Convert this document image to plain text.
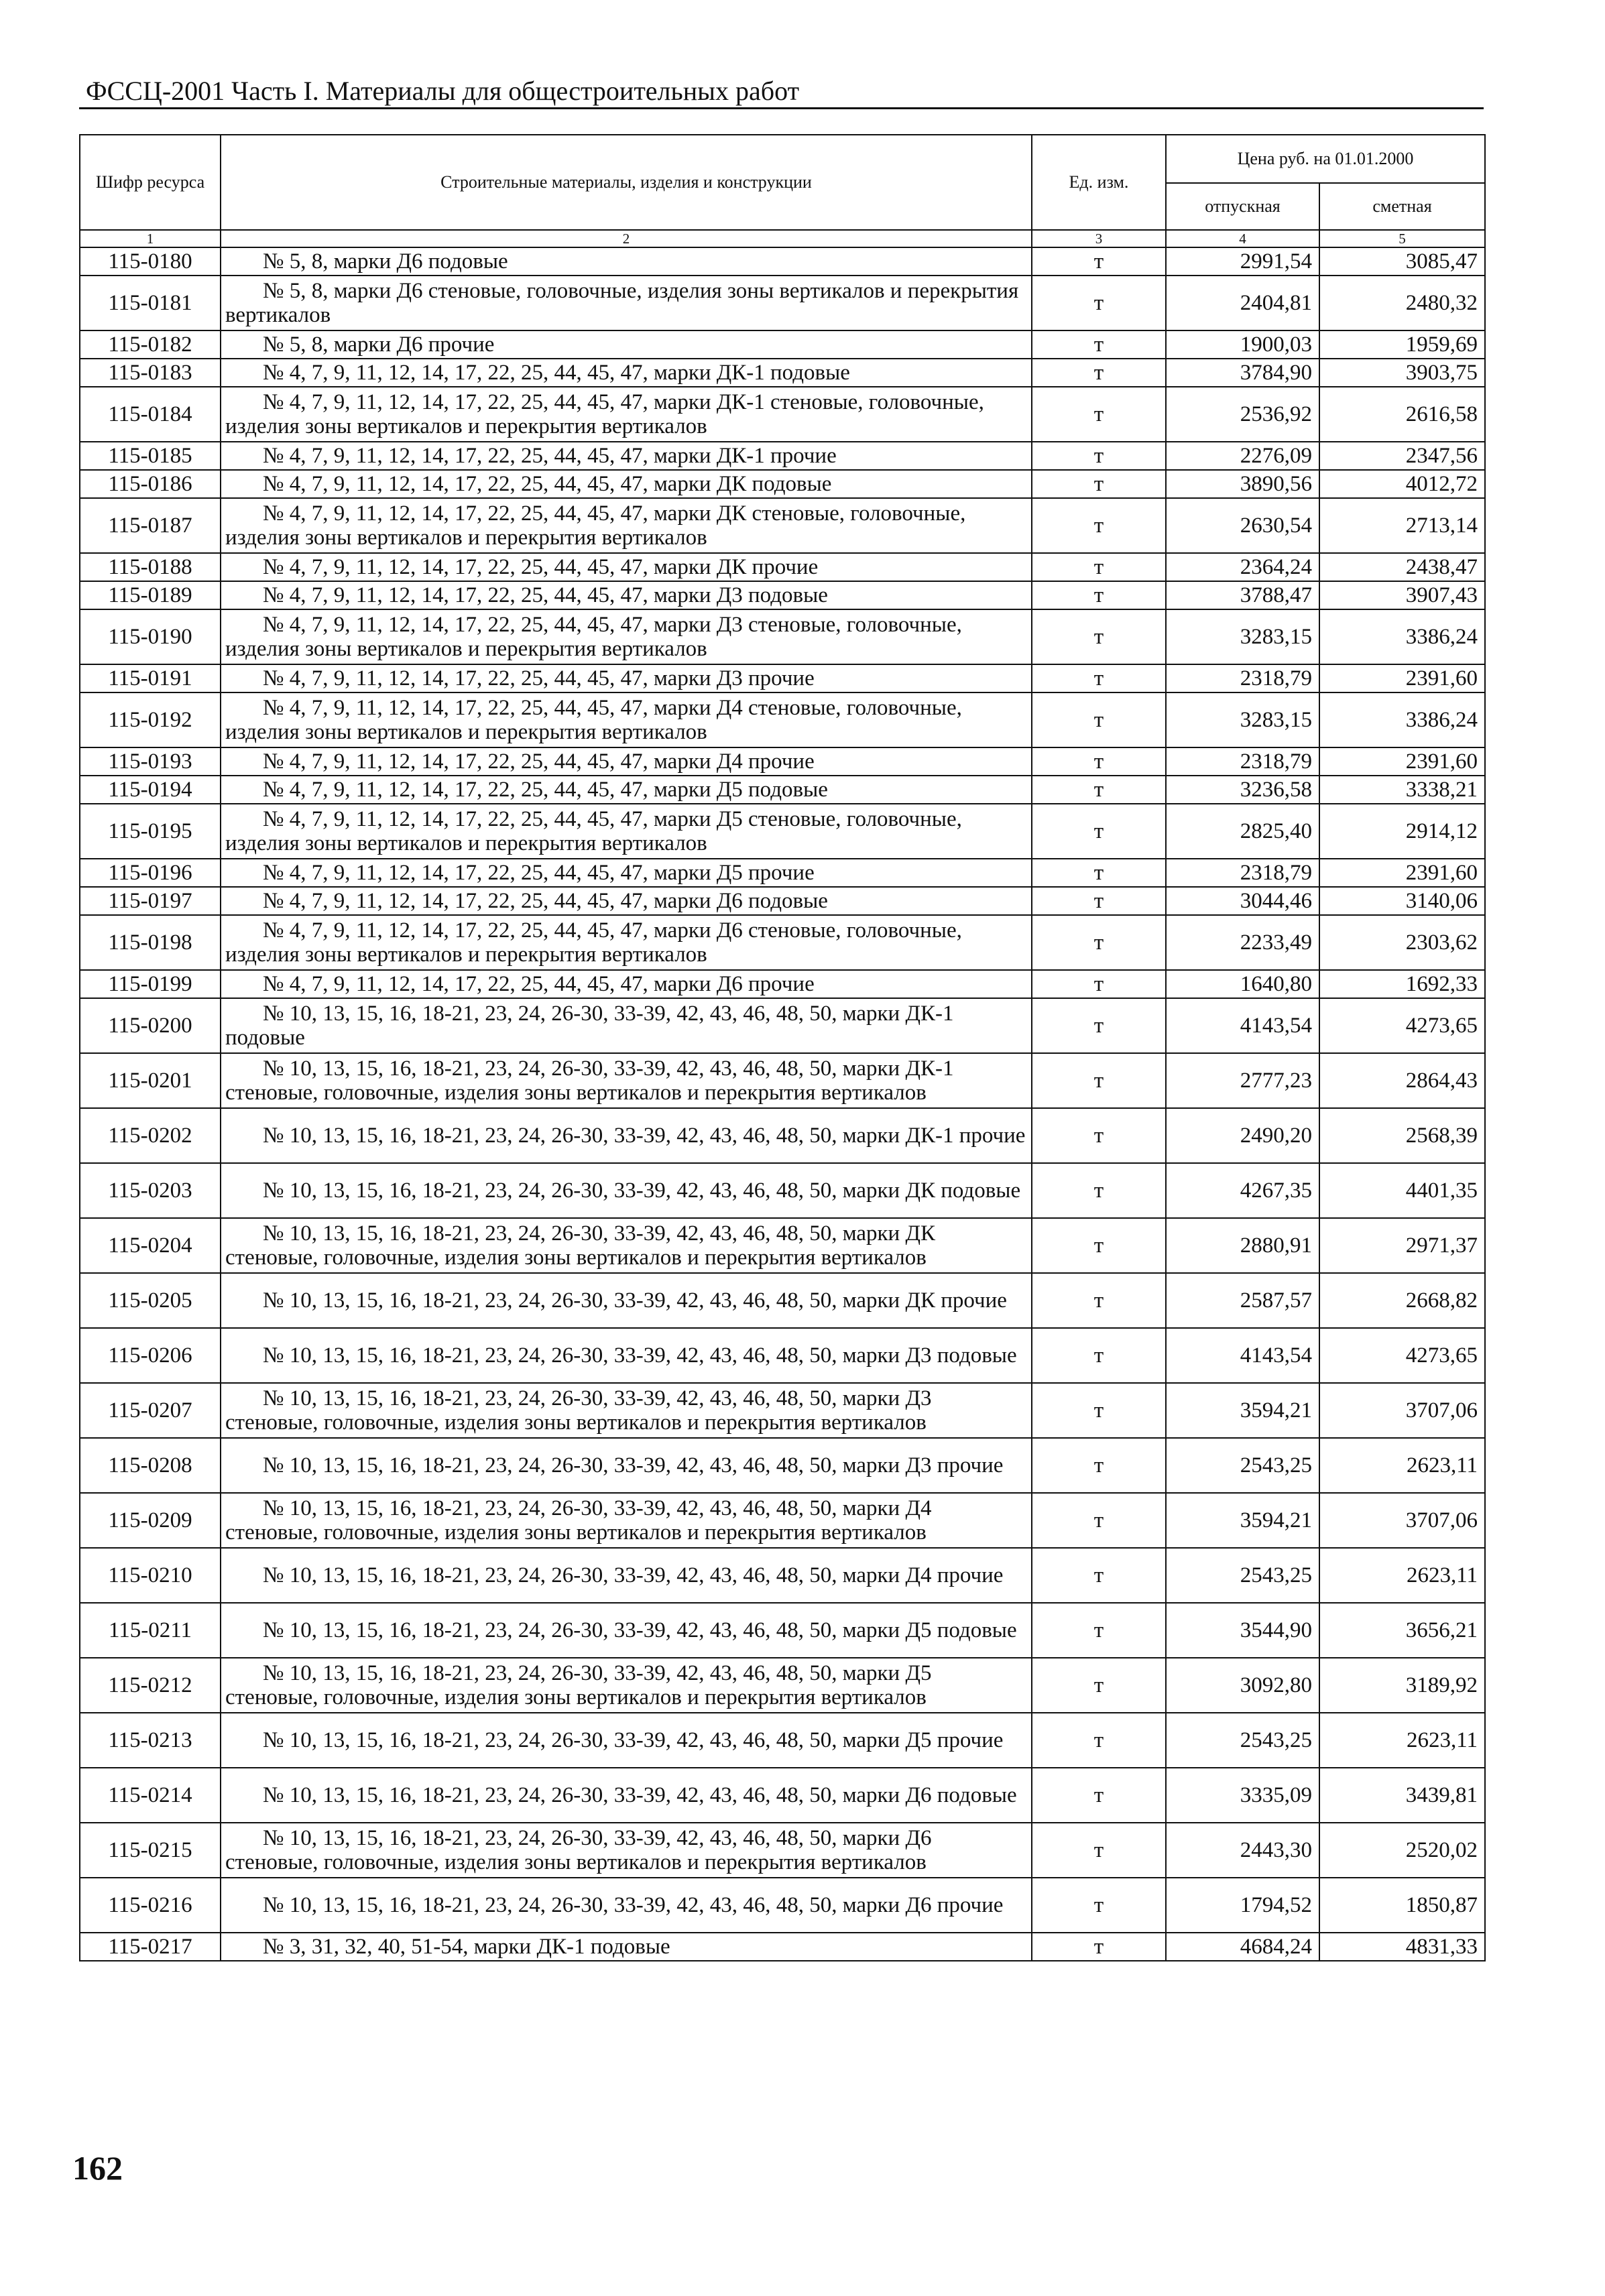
ФССЦ-2001 Часть I. Материалы для общестроительных работ
Шифр ресурса	Строительные материалы, изделия и конструкции	Ед. изм.	Цена руб. на 01.01.2000	
			отпускная	сметная
1	2	3	4	5
115-0180	№ 5, 8, марки Д6 подовые	т	2991,54	3085,47
115-0181	№ 5, 8, марки Д6 стеновые, головочные, изделия зоны вертикалов и перекрытия вертикалов	т	2404,81	2480,32
115-0182	№ 5, 8, марки Д6 прочие	т	1900,03	1959,69
115-0183	№ 4, 7, 9, 11, 12, 14, 17, 22, 25, 44, 45, 47, марки ДК-1 подовые	т	3784,90	3903,75
115-0184	№ 4, 7, 9, 11, 12, 14, 17, 22, 25, 44, 45, 47, марки ДК-1 стеновые, головочные, изделия зоны вертикалов и перекрытия вертикалов	т	2536,92	2616,58
115-0185	№ 4, 7, 9, 11, 12, 14, 17, 22, 25, 44, 45, 47, марки ДК-1 прочие	т	2276,09	2347,56
115-0186	№ 4, 7, 9, 11, 12, 14, 17, 22, 25, 44, 45, 47, марки ДК подовые	т	3890,56	4012,72
115-0187	№ 4, 7, 9, 11, 12, 14, 17, 22, 25, 44, 45, 47, марки ДК стеновые, головочные, изделия зоны вертикалов и перекрытия вертикалов	т	2630,54	2713,14
115-0188	№ 4, 7, 9, 11, 12, 14, 17, 22, 25, 44, 45, 47, марки ДК прочие	т	2364,24	2438,47
115-0189	№ 4, 7, 9, 11, 12, 14, 17, 22, 25, 44, 45, 47, марки Д3 подовые	т	3788,47	3907,43
115-0190	№ 4, 7, 9, 11, 12, 14, 17, 22, 25, 44, 45, 47, марки Д3 стеновые, головочные, изделия зоны вертикалов и перекрытия вертикалов	т	3283,15	3386,24
115-0191	№ 4, 7, 9, 11, 12, 14, 17, 22, 25, 44, 45, 47, марки Д3 прочие	т	2318,79	2391,60
115-0192	№ 4, 7, 9, 11, 12, 14, 17, 22, 25, 44, 45, 47, марки Д4 стеновые, головочные, изделия зоны вертикалов и перекрытия вертикалов	т	3283,15	3386,24
115-0193	№ 4, 7, 9, 11, 12, 14, 17, 22, 25, 44, 45, 47, марки Д4 прочие	т	2318,79	2391,60
115-0194	№ 4, 7, 9, 11, 12, 14, 17, 22, 25, 44, 45, 47, марки Д5 подовые	т	3236,58	3338,21
115-0195	№ 4, 7, 9, 11, 12, 14, 17, 22, 25, 44, 45, 47, марки Д5 стеновые, головочные, изделия зоны вертикалов и перекрытия вертикалов	т	2825,40	2914,12
115-0196	№ 4, 7, 9, 11, 12, 14, 17, 22, 25, 44, 45, 47, марки Д5 прочие	т	2318,79	2391,60
115-0197	№ 4, 7, 9, 11, 12, 14, 17, 22, 25, 44, 45, 47, марки Д6 подовые	т	3044,46	3140,06
115-0198	№ 4, 7, 9, 11, 12, 14, 17, 22, 25, 44, 45, 47, марки Д6 стеновые, головочные, изделия зоны вертикалов и перекрытия вертикалов	т	2233,49	2303,62
115-0199	№ 4, 7, 9, 11, 12, 14, 17, 22, 25, 44, 45, 47, марки Д6 прочие	т	1640,80	1692,33
115-0200	№ 10, 13, 15, 16, 18-21, 23, 24, 26-30, 33-39, 42, 43, 46, 48, 50, марки ДК-1 подовые	т	4143,54	4273,65
115-0201	№ 10, 13, 15, 16, 18-21, 23, 24, 26-30, 33-39, 42, 43, 46, 48, 50, марки ДК-1 стеновые, головочные, изделия зоны вертикалов и перекрытия вертикалов	т	2777,23	2864,43
115-0202	№ 10, 13, 15, 16, 18-21, 23, 24, 26-30, 33-39, 42, 43, 46, 48, 50, марки ДК-1 прочие	т	2490,20	2568,39
115-0203	№ 10, 13, 15, 16, 18-21, 23, 24, 26-30, 33-39, 42, 43, 46, 48, 50, марки ДК подовые	т	4267,35	4401,35
115-0204	№ 10, 13, 15, 16, 18-21, 23, 24, 26-30, 33-39, 42, 43, 46, 48, 50, марки ДК стеновые, головочные, изделия зоны вертикалов и перекрытия вертикалов	т	2880,91	2971,37
115-0205	№ 10, 13, 15, 16, 18-21, 23, 24, 26-30, 33-39, 42, 43, 46, 48, 50, марки ДК прочие	т	2587,57	2668,82
115-0206	№ 10, 13, 15, 16, 18-21, 23, 24, 26-30, 33-39, 42, 43, 46, 48, 50, марки Д3 подовые	т	4143,54	4273,65
115-0207	№ 10, 13, 15, 16, 18-21, 23, 24, 26-30, 33-39, 42, 43, 46, 48, 50, марки Д3 стеновые, головочные, изделия зоны вертикалов и перекрытия вертикалов	т	3594,21	3707,06
115-0208	№ 10, 13, 15, 16, 18-21, 23, 24, 26-30, 33-39, 42, 43, 46, 48, 50, марки Д3 прочие	т	2543,25	2623,11
115-0209	№ 10, 13, 15, 16, 18-21, 23, 24, 26-30, 33-39, 42, 43, 46, 48, 50, марки Д4 стеновые, головочные, изделия зоны вертикалов и перекрытия вертикалов	т	3594,21	3707,06
115-0210	№ 10, 13, 15, 16, 18-21, 23, 24, 26-30, 33-39, 42, 43, 46, 48, 50, марки Д4 прочие	т	2543,25	2623,11
115-0211	№ 10, 13, 15, 16, 18-21, 23, 24, 26-30, 33-39, 42, 43, 46, 48, 50, марки Д5 подовые	т	3544,90	3656,21
115-0212	№ 10, 13, 15, 16, 18-21, 23, 24, 26-30, 33-39, 42, 43, 46, 48, 50, марки Д5 стеновые, головочные, изделия зоны вертикалов и перекрытия вертикалов	т	3092,80	3189,92
115-0213	№ 10, 13, 15, 16, 18-21, 23, 24, 26-30, 33-39, 42, 43, 46, 48, 50, марки Д5 прочие	т	2543,25	2623,11
115-0214	№ 10, 13, 15, 16, 18-21, 23, 24, 26-30, 33-39, 42, 43, 46, 48, 50, марки Д6 подовые	т	3335,09	3439,81
115-0215	№ 10, 13, 15, 16, 18-21, 23, 24, 26-30, 33-39, 42, 43, 46, 48, 50, марки Д6 стеновые, головочные, изделия зоны вертикалов и перекрытия вертикалов	т	2443,30	2520,02
115-0216	№ 10, 13, 15, 16, 18-21, 23, 24, 26-30, 33-39, 42, 43, 46, 48, 50, марки Д6 прочие	т	1794,52	1850,87
115-0217	№ 3, 31, 32, 40, 51-54, марки ДК-1 подовые	т	4684,24	4831,33
162
